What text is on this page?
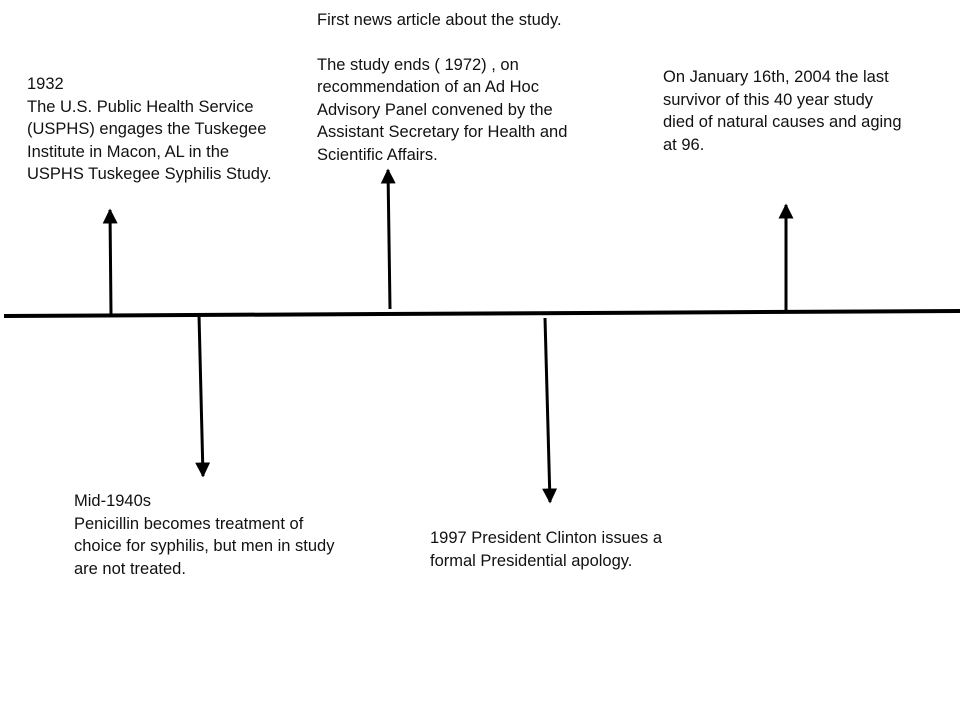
1932

The U.S. Public Health Service

(USPHS) engages the Tuskegee

Institute in Macon, AL in the

USPHS Tuskegee Syphilis Study.

Mid-1940s

Penicillin becomes treatment of

choice for syphilis, but men in study

are not treated.

First news article about the study.

The study ends ( 1972) , on

recommendation of an Ad Hoc

Advisory Panel convened by the

Assistant Secretary for Health and

Scientific Affairs.

1997 President Clinton issues a

formal Presidential apology.

On January 16th, 2004 the last

survivor of this 40 year study

died of natural causes and aging

at 96.
